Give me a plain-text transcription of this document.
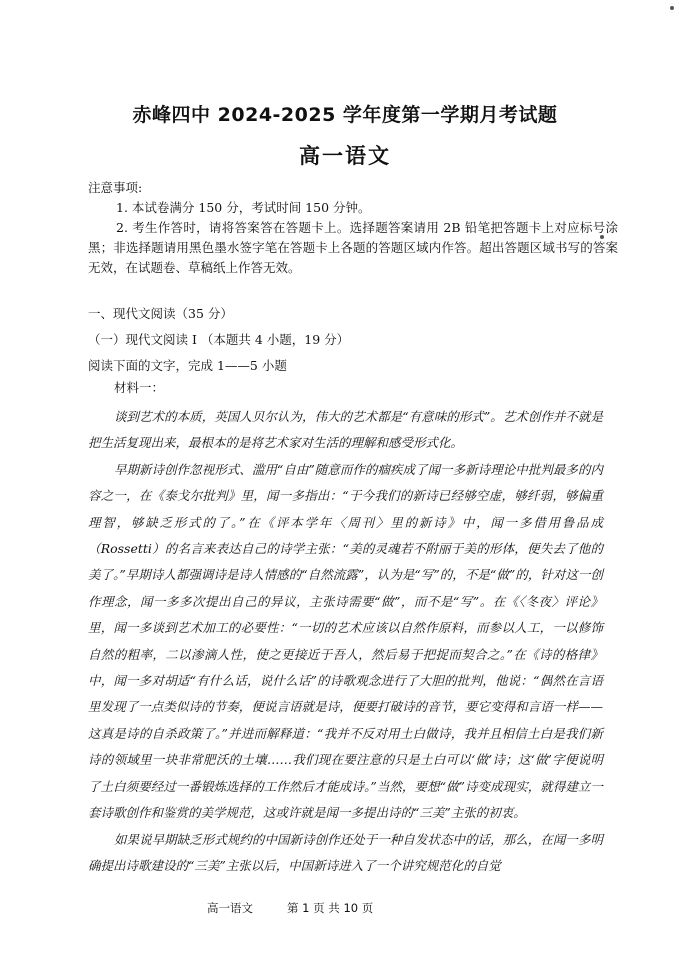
赤峰四中 2024-2025 学年度第一学期月考试题
高一语文
注意事项:
1. 本试卷满分 150 分，考试时间 150 分钟。
2. 考生作答时，请将答案答在答题卡上。选择题答案请用 2B 铅笔把答题卡上对应标号涂黑；非选择题请用黑色墨水签字笔在答题卡上各题的答题区域内作答。超出答题区域书写的答案无效，在试题卷、草稿纸上作答无效。
一、现代文阅读（35 分）
（一）现代文阅读 I （本题共 4 小题，19 分）
阅读下面的文字，完成 1——5 小题
材料一：

谈到艺术的本质，英国人贝尔认为，伟大的艺术都是“有意味的形式”。艺术创作并不就是把生活复现出来，最根本的是将艺术家对生活的理解和感受形式化。

早期新诗创作忽视形式、滥用“自由”随意而作的痼疾成了闻一多新诗理论中批判最多的内容之一，在《泰戈尔批判》里，闻一多指出：“于今我们的新诗已经够空虚，够纤弱，够偏重理智，够缺乏形式的了。”在《评本学年〈周刊〉里的新诗》中，闻一多借用鲁品成（Rossetti）的名言来表达自己的诗学主张：“美的灵魂若不附丽于美的形体，便失去了他的美了。”早期诗人都强调诗是诗人情感的“自然流露”，认为是“写”的，不是“做”的，针对这一创作理念，闻一多多次提出自己的异议，主张诗需要“做”，而不是“写”。在《〈冬夜〉评论》里，闻一多谈到艺术加工的必要性：“一切的艺术应该以自然作原料，而参以人工，一以修饰自然的粗率，二以渗滴人性，使之更接近于吾人，然后易于把捉而契合之。”在《诗的格律》中，闻一多对胡适“有什么话，说什么话”的诗歌观念进行了大胆的批判，他说：“偶然在言语里发现了一点类似诗的节奏，便说言语就是诗，便要打破诗的音节，要它变得和言语一样——这真是诗的自杀政策了。”并进而解释道：“我并不反对用土白做诗，我并且相信土白是我们新诗的领域里一块非常肥沃的土壤……我们现在要注意的只是土白可以‘做’诗；这‘做’字便说明了土白须要经过一番锻炼选择的工作然后才能成诗。”当然，要想“做”诗变成现实，就得建立一套诗歌创作和鉴赏的美学规范，这或许就是闻一多提出诗的“三美”主张的初衷。

如果说早期缺乏形式规约的中国新诗创作还处于一种自发状态中的话，那么，在闻一多明确提出诗歌建设的“三美”主张以后，中国新诗进入了一个讲究规范化的自觉

高一语文	第 1 页 共 10 页
